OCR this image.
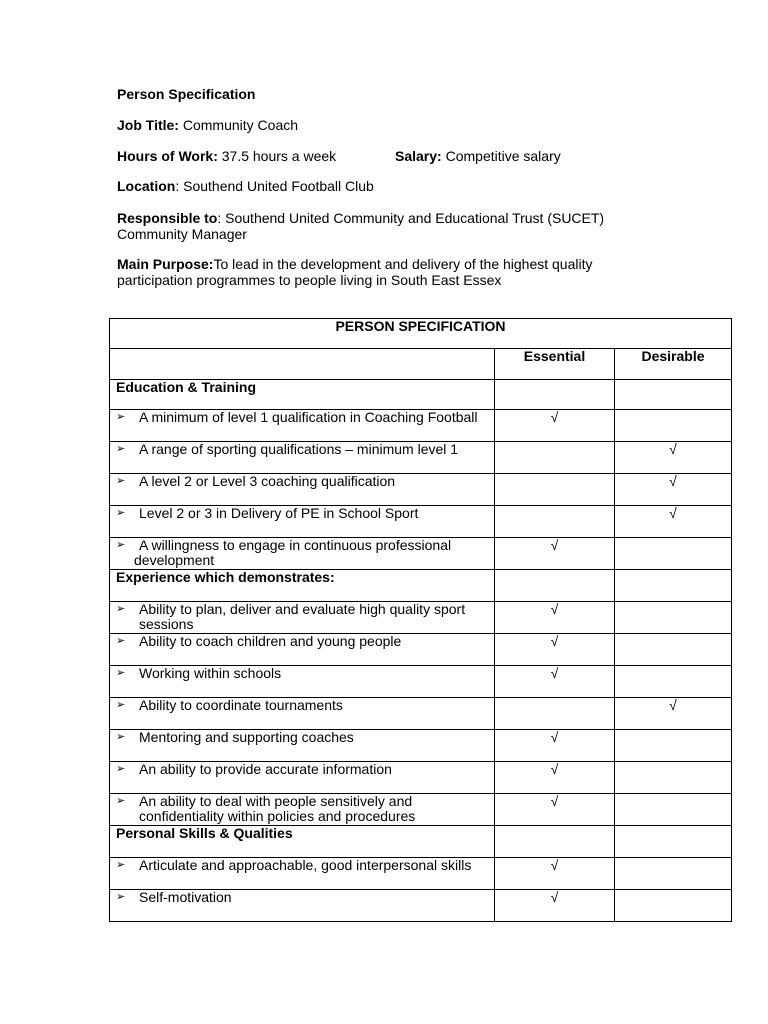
Person Specification
Job Title: Community Coach
Hours of Work: 37.5 hours a week	Salary: Competitive salary
Location: Southend United Football Club
Responsible to: Southend United Community and Educational Trust (SUCET)
Community Manager
Main Purpose:To lead in the development and delivery of the highest quality
participation programmes to people living in South East Essex
PERSON SPECIFICATION		

	Essential	Desirable

Education & Training		

➢ A minimum of level 1 qualification in Coaching Football	√	

➢ A range of sporting qualifications – minimum level 1		√

➢ A level 2 or Level 3 coaching qualification		√

➢ Level 2 or 3 in Delivery of PE in School Sport		√

➢ A willingness to engage in continuous professional development	√	

Experience which demonstrates:		

➢ Ability to plan, deliver and evaluate high quality sport sessions	√	

➢ Ability to coach children and young people	√	

➢ Working within schools	√	

➢ Ability to coordinate tournaments		√

➢ Mentoring and supporting coaches	√	

➢ An ability to provide accurate information	√	

➢ An ability to deal with people sensitively and confidentiality within policies and procedures	√	

Personal Skills & Qualities		

➢ Articulate and approachable, good interpersonal skills	√	

➢ Self-motivation	√	
